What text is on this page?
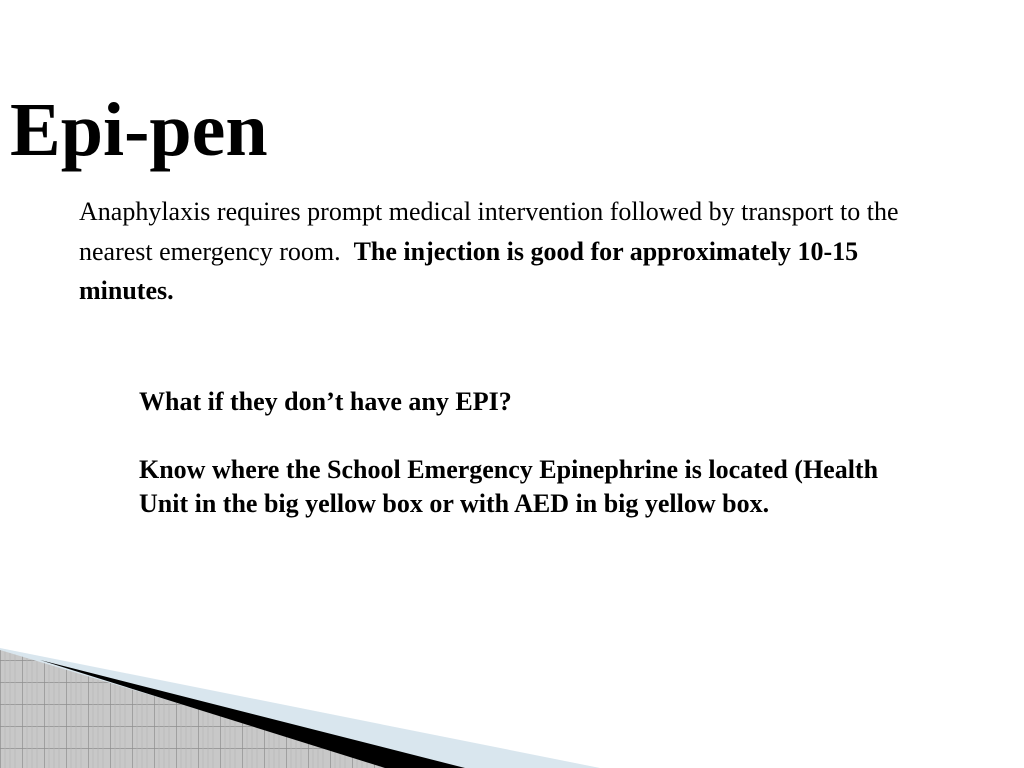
Epi-pen

Anaphylaxis requires prompt medical intervention followed by transport to the nearest emergency room. The injection is good for approximately 10-15 minutes.

What if they don’t have any EPI?

Know where the School Emergency Epinephrine is located (Health Unit in the big yellow box or with AED in big yellow box.
